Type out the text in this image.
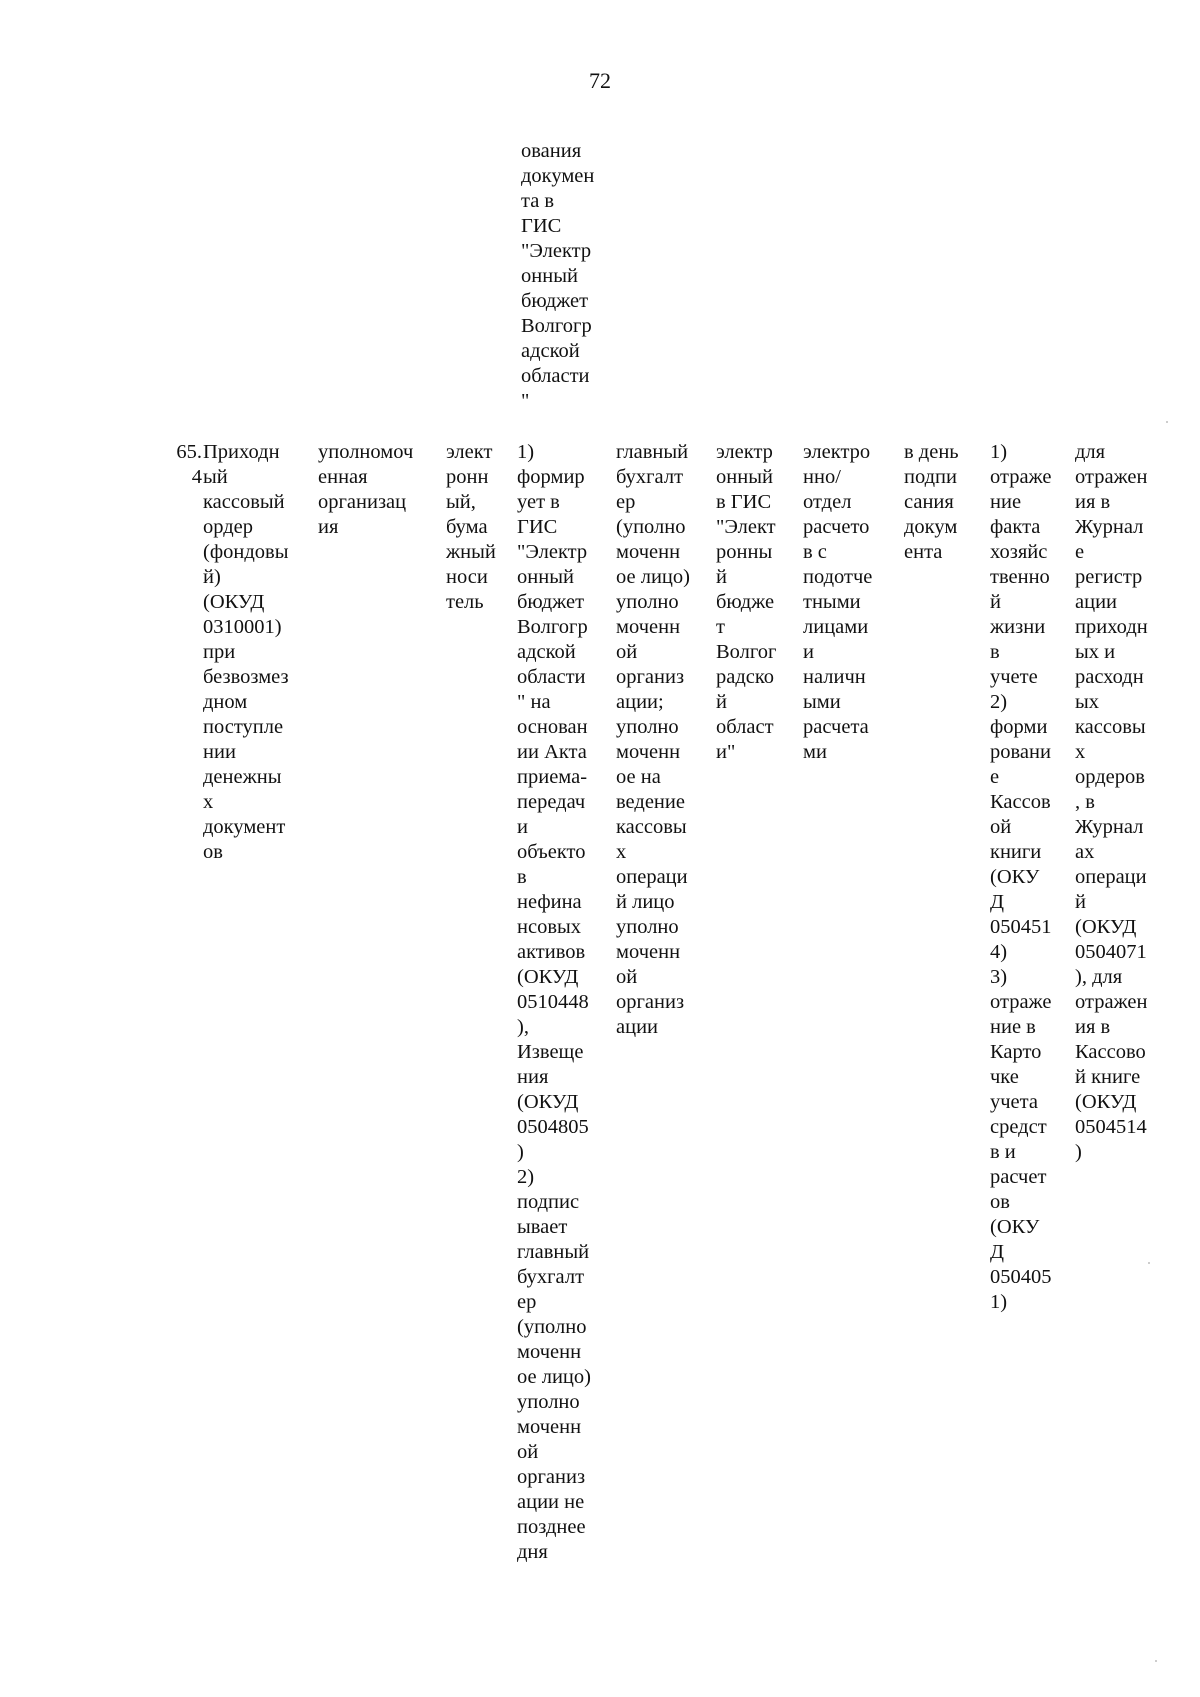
72
ования
докумен
та в
ГИС
"Электр
онный
бюджет
Волгогр
адской
области
"
65.
4
Приходн
ый
кассовый
ордер
(фондовы
й)
(ОКУД
0310001)
при
безвозмез
дном
поступле
нии
денежны
х
документ
ов
уполномоч
енная
организац
ия
элект
ронн
ый,
бума
жный
носи
тель
1)
формир
ует в
ГИС
"Электр
онный
бюджет
Волгогр
адской
области
" на
основан
ии Акта
приема-
передач
и
объекто
в
нефина
нсовых
активов
(ОКУД
0510448
),
Извеще
ния
(ОКУД
0504805
)
2)
подпис
ывает
главный
бухгалт
ер
(уполно
моченн
ое лицо)
уполно
моченн
ой
организ
ации не
позднее
дня
главный
бухгалт
ер
(уполно
моченн
ое лицо)
уполно
моченн
ой
организ
ации;
уполно
моченн
ое на
ведение
кассовы
х
операци
й лицо
уполно
моченн
ой
организ
ации
электр
онный
в ГИС
"Элект
ронны
й
бюдже
т
Волгог
радско
й
област
и"
электро
нно/
отдел
расчето
в с
подотче
тными
лицами
и
наличн
ыми
расчета
ми
в день
подпи
сания
докум
ента
1)
отраже
ние
факта
хозяйс
твенно
й
жизни
в
учете
2)
форми
ровани
е
Кассов
ой
книги
(ОКУ
Д
050451
4)
3)
отраже
ние в
Карто
чке
учета
средст
в и
расчет
ов
(ОКУ
Д
050405
1)
для
отражен
ия в
Журнал
е
регистр
ации
приходн
ых и
расходн
ых
кассовы
х
ордеров
, в
Журнал
ах
операци
й
(ОКУД
0504071
), для
отражен
ия в
Кассово
й книге
(ОКУД
0504514
)
